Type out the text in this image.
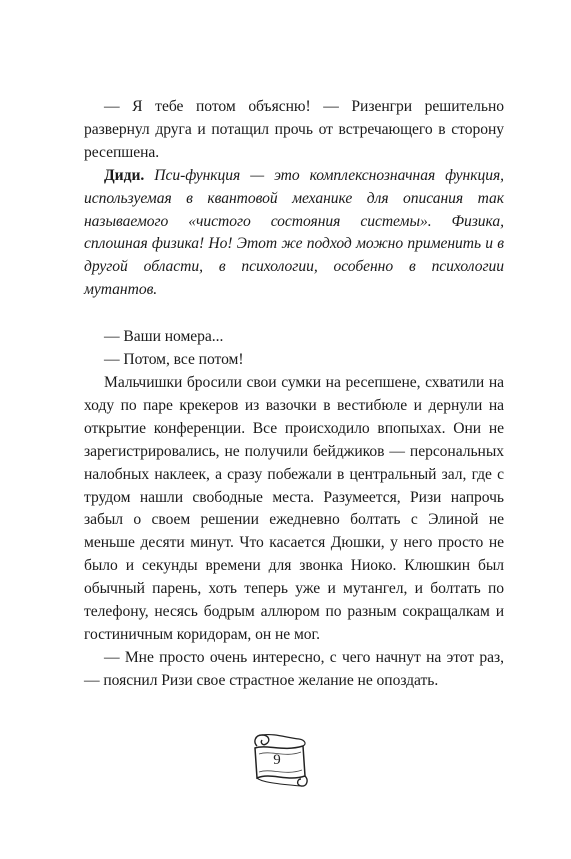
— Я тебе потом объясню! — Ризенгри решительно развернул друга и потащил прочь от встречающего в сторону ресепшена.

Диди. Пси-функция — это комплекснозначная функция, используемая в квантовой механике для описания так называемого «чистого состояния системы». Физика, сплошная физика! Но! Этот же подход можно применить и в другой области, в психологии, особенно в психологии мутантов.

— Ваши номера...

— Потом, все потом!

Мальчишки бросили свои сумки на ресепшене, схватили на ходу по паре крекеров из вазочки в вестибюле и дернули на открытие конференции. Все происходило впопыхах. Они не зарегистрировались, не получили бейджиков — персональных налобных наклеек, а сразу побежали в центральный зал, где с трудом нашли свободные места. Разумеется, Ризи напрочь забыл о своем решении ежедневно болтать с Элиной не меньше десяти минут. Что касается Дюшки, у него просто не было и секунды времени для звонка Ниоко. Клюшкин был обычный парень, хоть теперь уже и мутангел, и болтать по телефону, несясь бодрым аллюром по разным сокращалкам и гостиничным коридорам, он не мог.

— Мне просто очень интересно, с чего начнут на этот раз, — пояснил Ризи свое страстное желание не опоздать.

9
